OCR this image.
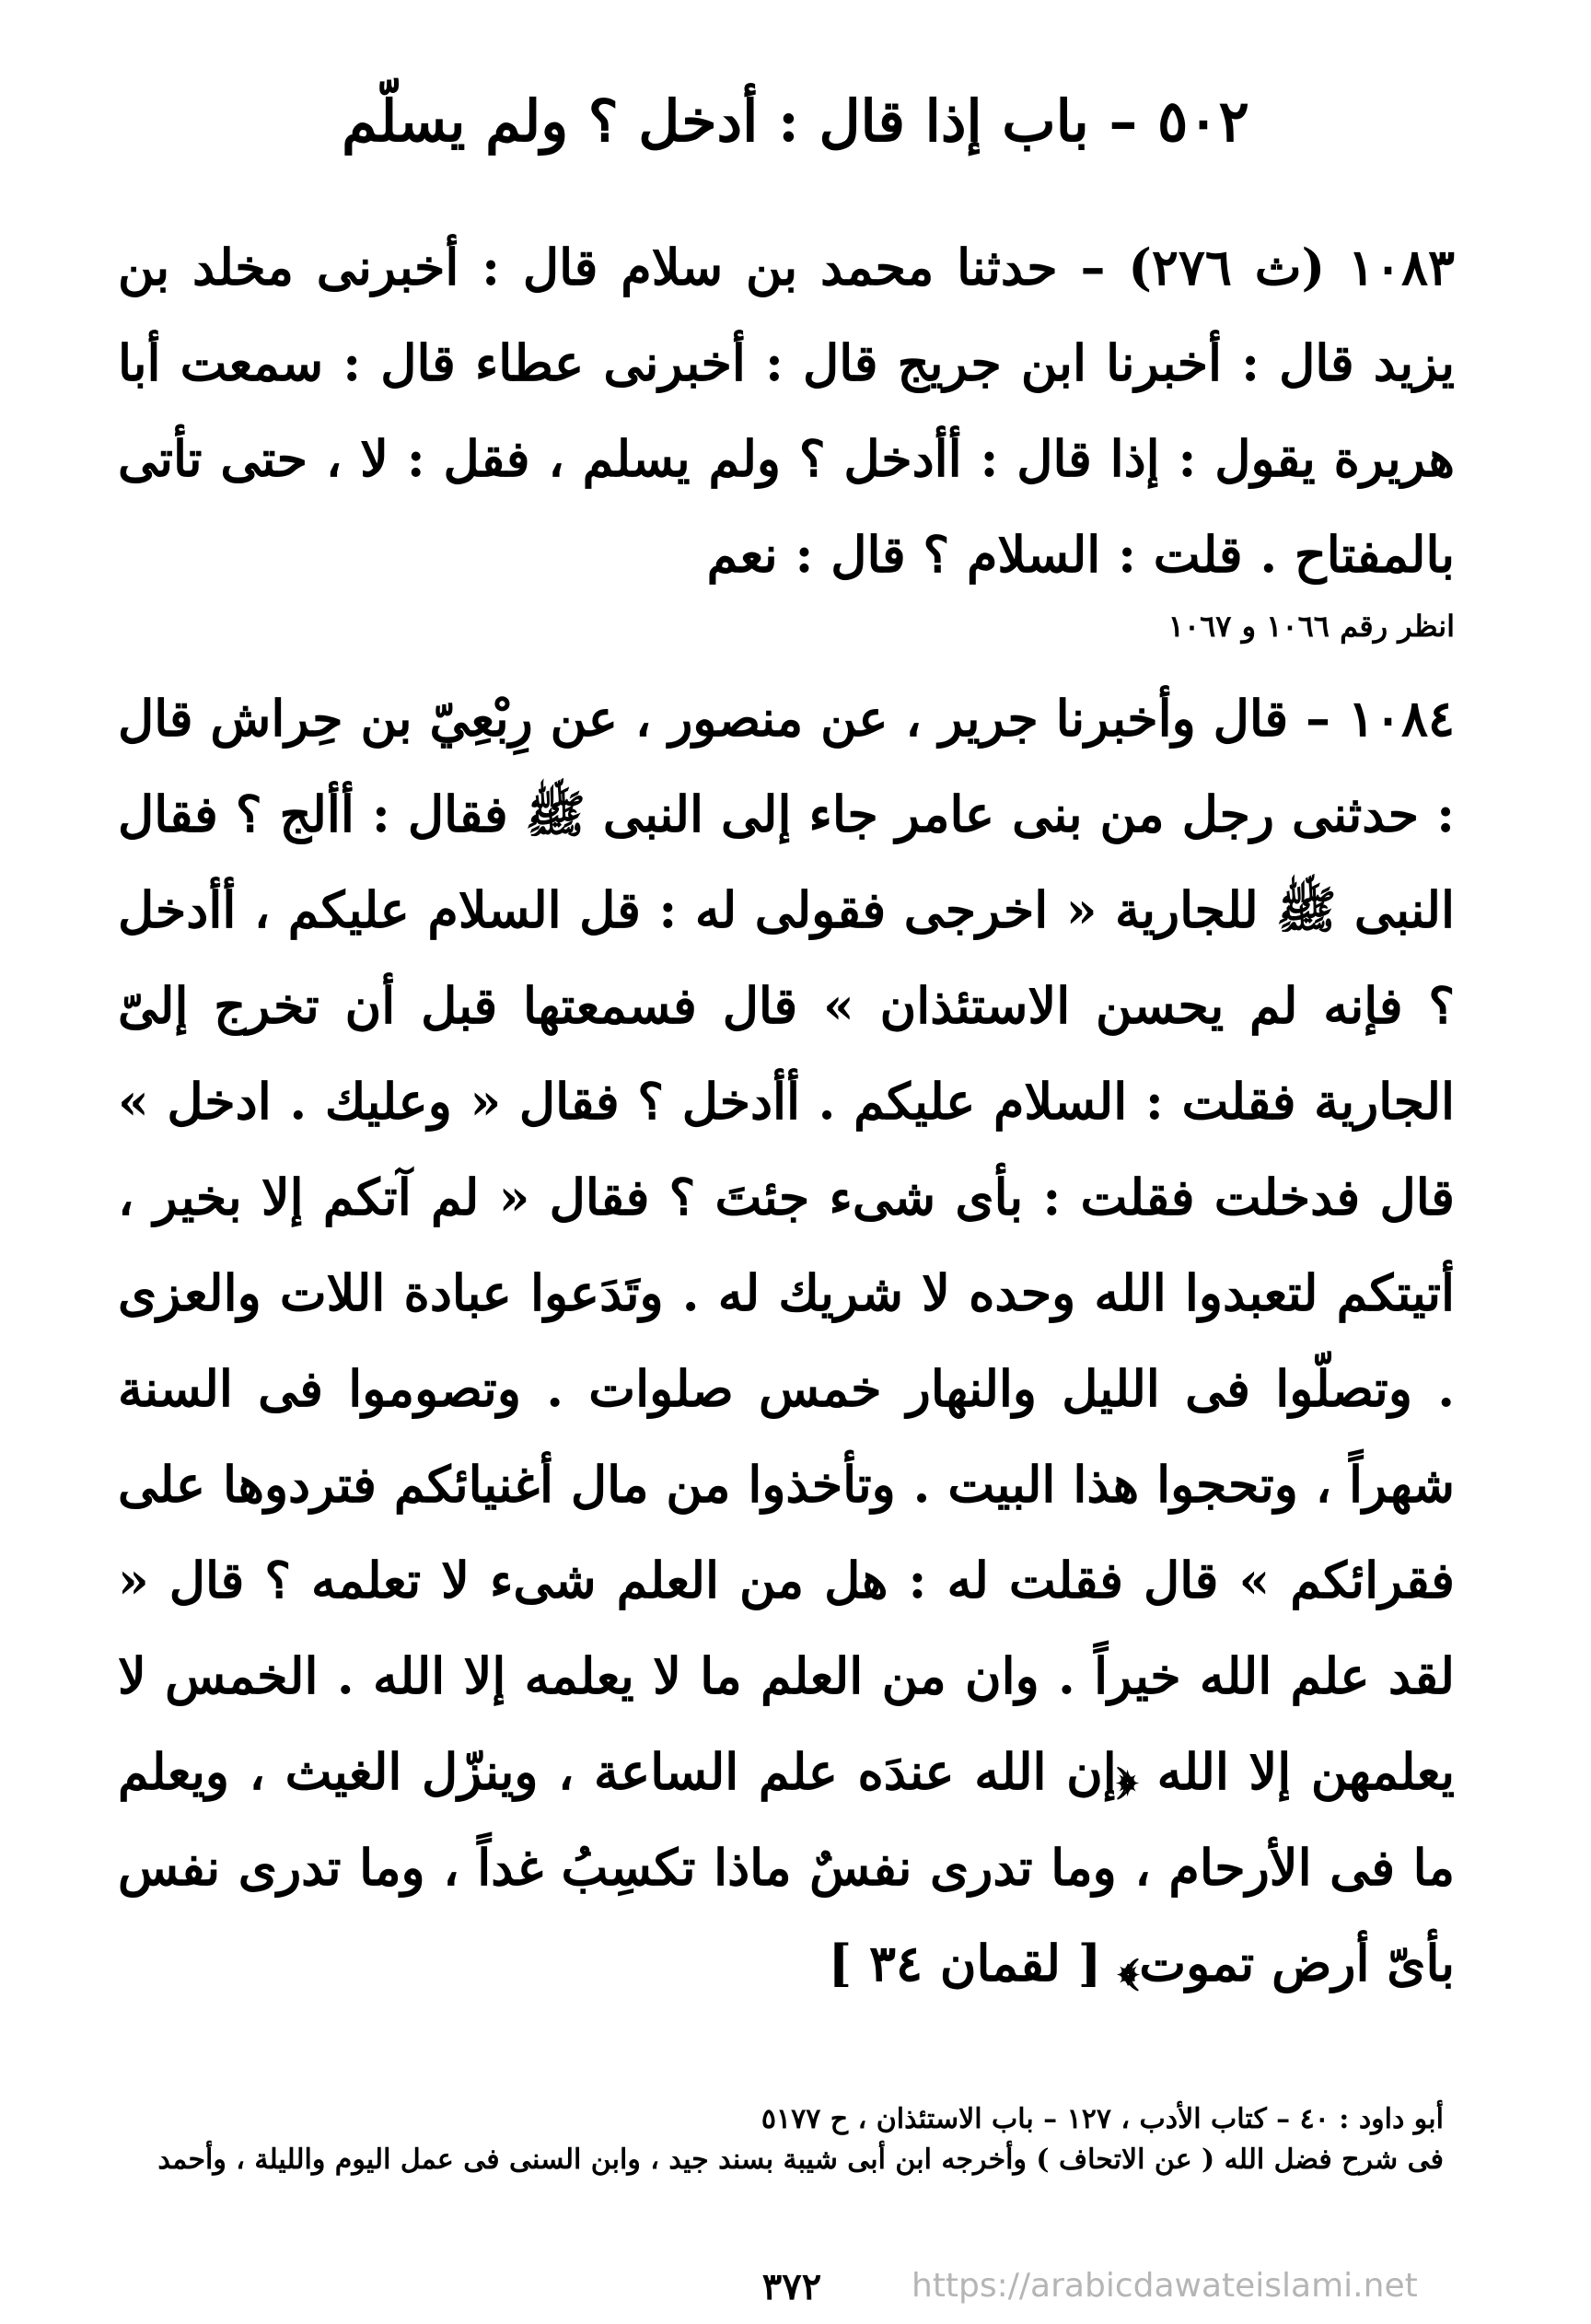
٥٠٢ – باب إذا قال : أدخل ؟ ولم يسلّم

١٠٨٣ (ث ٢٧٦) – حدثنا محمد بن سلام قال : أخبرنى مخلد بن يزيد قال : أخبرنا ابن جريج قال : أخبرنى عطاء قال : سمعت أبا هريرة يقول : إذا قال : أأدخل ؟ ولم يسلم ، فقل : لا ، حتى تأتى بالمفتاح . قلت : السلام ؟ قال : نعم

انظر رقم ١٠٦٦ و ١٠٦٧

١٠٨٤ – قال وأخبرنا جرير ، عن منصور ، عن رِبْعِيّ بن حِراش قال : حدثنى رجل من بنى عامر جاء إلى النبى ﷺ فقال : أألج ؟ فقال النبى ﷺ للجارية « اخرجى فقولى له : قل السلام عليكم ، أأدخل ؟ فإنه لم يحسن الاستئذان » قال فسمعتها قبل أن تخرج إلىّ الجارية فقلت : السلام عليكم . أأدخل ؟ فقال « وعليك . ادخل » قال فدخلت فقلت : بأى شىء جئتَ ؟ فقال « لم آتكم إلا بخير ، أتيتكم لتعبدوا الله وحده لا شريك له . وتَدَعوا عبادة اللات والعزى . وتصلّوا فى الليل والنهار خمس صلوات . وتصوموا فى السنة شهراً ، وتحجوا هذا البيت . وتأخذوا من مال أغنيائكم فتردوها على فقرائكم » قال فقلت له : هل من العلم شىء لا تعلمه ؟ قال « لقد علم الله خيراً . وان من العلم ما لا يعلمه إلا الله . الخمس لا يعلمهن إلا الله ﴿إن الله عندَه علم الساعة ، وينزّل الغيث ، ويعلم ما فى الأرحام ، وما تدرى نفسٌ ماذا تكسِبُ غداً ، وما تدرى نفس بأىّ أرض تموت﴾ [ لقمان ٣٤ ]

أبو داود : ٤٠ – كتاب الأدب ، ١٢٧ – باب الاستئذان ، ح ٥١٧٧

فى شرح فضل الله ( عن الاتحاف ) وأخرجه ابن أبى شيبة بسند جيد ، وابن السنى فى عمل اليوم والليلة ، وأحمد

٣٧٢	https://arabicdawateislami.net
